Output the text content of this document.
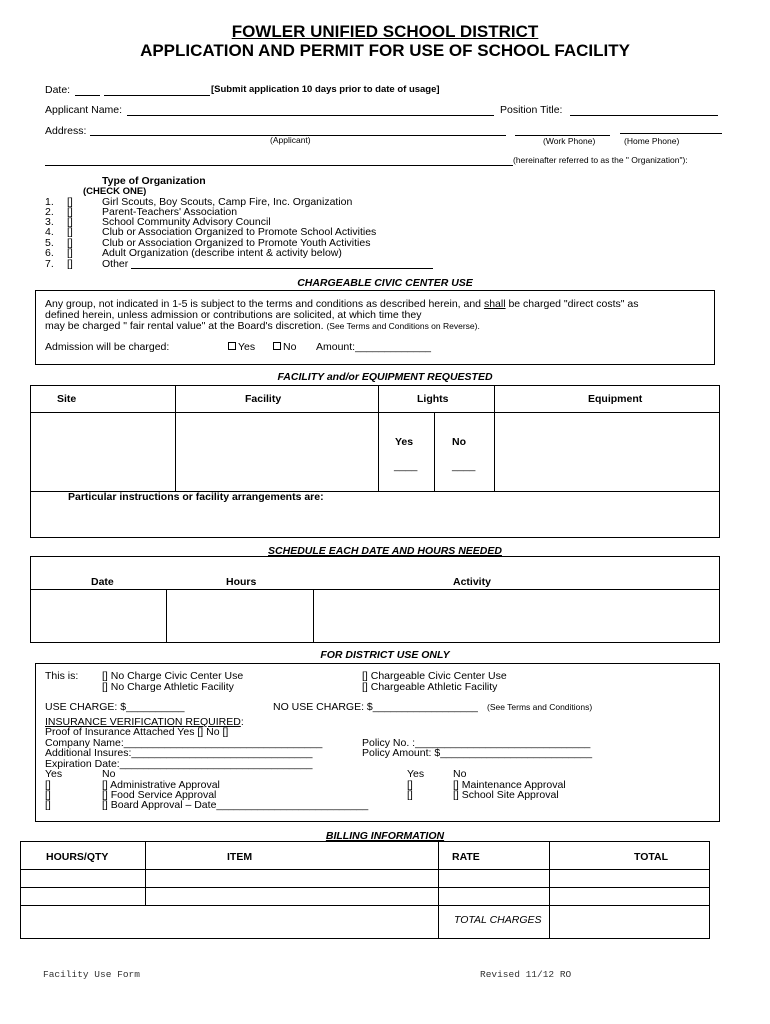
FOWLER UNIFIED SCHOOL DISTRICT
APPLICATION AND PERMIT FOR USE OF SCHOOL FACILITY
Date:	[Submit application 10 days prior to date of usage]
Applicant Name:	Position Title:
Address:
(Applicant)	(Work Phone)	(Home Phone)
(hereinafter referred to as the " Organization"):
Type of Organization
(CHECK ONE)
1. []	Girl Scouts, Boy Scouts, Camp Fire, Inc. Organization
2. []	Parent-Teachers' Association
3. []	School Community Advisory Council
4. []	Club or Association Organized to Promote School Activities
5. []	Club or Association Organized to Promote Youth Activities
6. []	Adult Organization (describe intent & activity below)
7. []	Other
CHARGEABLE CIVIC CENTER USE
Any group, not indicated in 1-5 is subject to the terms and conditions as described herein, and shall be charged "direct costs" as
defined herein, unless admission or contributions are solicited, at which time they
may be charged " fair rental value" at the Board's discretion. (See Terms and Conditions on Reverse).
Admission will be charged:	Yes	No Amount:_____________
FACILITY and/or EQUIPMENT REQUESTED
Site	Facility	Lights	Equipment
Yes	No
____	____
Particular instructions or facility arrangements are:
SCHEDULE EACH DATE AND HOURS NEEDED
Date	Hours	Activity
FOR DISTRICT USE ONLY
This is: [] No Charge Civic Center Use
[] No Charge Athletic Facility
[] Chargeable Civic Center Use
[] Chargeable Athletic Facility
USE CHARGE: $__________	NO USE CHARGE: $__________________ (See Terms and Conditions)
INSURANCE VERIFICATION REQUIRED:
Proof of Insurance Attached Yes [] No []
Company Name:__________________________________
Additional Insures:_______________________________
Expiration Date:_________________________________
Policy No. :______________________________
Policy Amount: $__________________________
Yes	No
[]
[]
[]
[] Administrative Approval
[] Food Service Approval
[] Board Approval – Date__________________________
Yes	No
[]
[]
[] Maintenance Approval
[] School Site Approval
BILLING INFORMATION
HOURS/QTY	ITEM	RATE	TOTAL
TOTAL CHARGES
Facility Use Form	Revised 11/12 RO
